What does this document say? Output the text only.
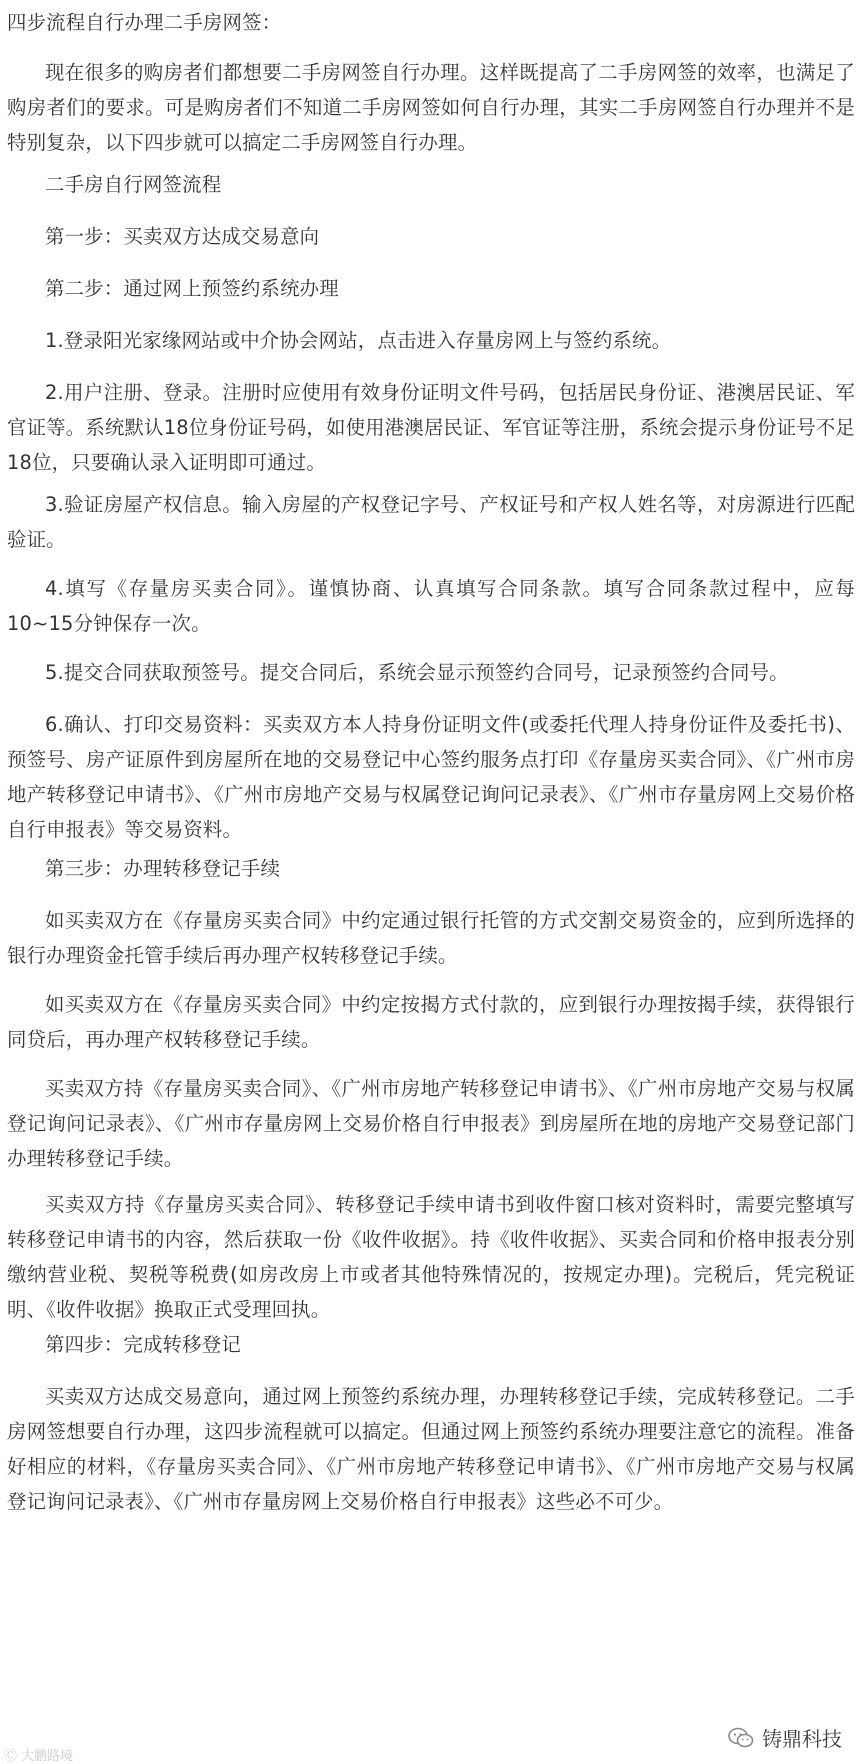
四步流程自行办理二手房网签：

现在很多的购房者们都想要二手房网签自行办理。这样既提高了二手房网签的效率，也满足了购房者们的要求。可是购房者们不知道二手房网签如何自行办理，其实二手房网签自行办理并不是特别复杂，以下四步就可以搞定二手房网签自行办理。

二手房自行网签流程

第一步：买卖双方达成交易意向

第二步：通过网上预签约系统办理

1.登录阳光家缘网站或中介协会网站，点击进入存量房网上与签约系统。

2.用户注册、登录。注册时应使用有效身份证明文件号码，包括居民身份证、港澳居民证、军官证等。系统默认18位身份证号码，如使用港澳居民证、军官证等注册，系统会提示身份证号不足18位，只要确认录入证明即可通过。

3.验证房屋产权信息。输入房屋的产权登记字号、产权证号和产权人姓名等，对房源进行匹配验证。

4.填写《存量房买卖合同》。谨慎协商、认真填写合同条款。填写合同条款过程中，应每10~15分钟保存一次。

5.提交合同获取预签号。提交合同后，系统会显示预签约合同号，记录预签约合同号。

6.确认、打印交易资料：买卖双方本人持身份证明文件(或委托代理人持身份证件及委托书)、预签号、房产证原件到房屋所在地的交易登记中心签约服务点打印《存量房买卖合同》、《广州市房地产转移登记申请书》、《广州市房地产交易与权属登记询问记录表》、《广州市存量房网上交易价格自行申报表》等交易资料。

第三步：办理转移登记手续

如买卖双方在《存量房买卖合同》中约定通过银行托管的方式交割交易资金的，应到所选择的银行办理资金托管手续后再办理产权转移登记手续。

如买卖双方在《存量房买卖合同》中约定按揭方式付款的，应到银行办理按揭手续，获得银行同贷后，再办理产权转移登记手续。

买卖双方持《存量房买卖合同》、《广州市房地产转移登记申请书》、《广州市房地产交易与权属登记询问记录表》、《广州市存量房网上交易价格自行申报表》到房屋所在地的房地产交易登记部门办理转移登记手续。

买卖双方持《存量房买卖合同》、转移登记手续申请书到收件窗口核对资料时，需要完整填写转移登记申请书的内容，然后获取一份《收件收据》。持《收件收据》、买卖合同和价格申报表分别缴纳营业税、契税等税费(如房改房上市或者其他特殊情况的，按规定办理)。完税后，凭完税证明、《收件收据》换取正式受理回执。

第四步：完成转移登记

买卖双方达成交易意向，通过网上预签约系统办理，办理转移登记手续，完成转移登记。二手房网签想要自行办理，这四步流程就可以搞定。但通过网上预签约系统办理要注意它的流程。准备好相应的材料，《存量房买卖合同》、《广州市房地产转移登记申请书》、《广州市房地产交易与权属登记询问记录表》、《广州市存量房网上交易价格自行申报表》这些必不可少。

Ⓒ 大鹏路境
铸鼎科技
